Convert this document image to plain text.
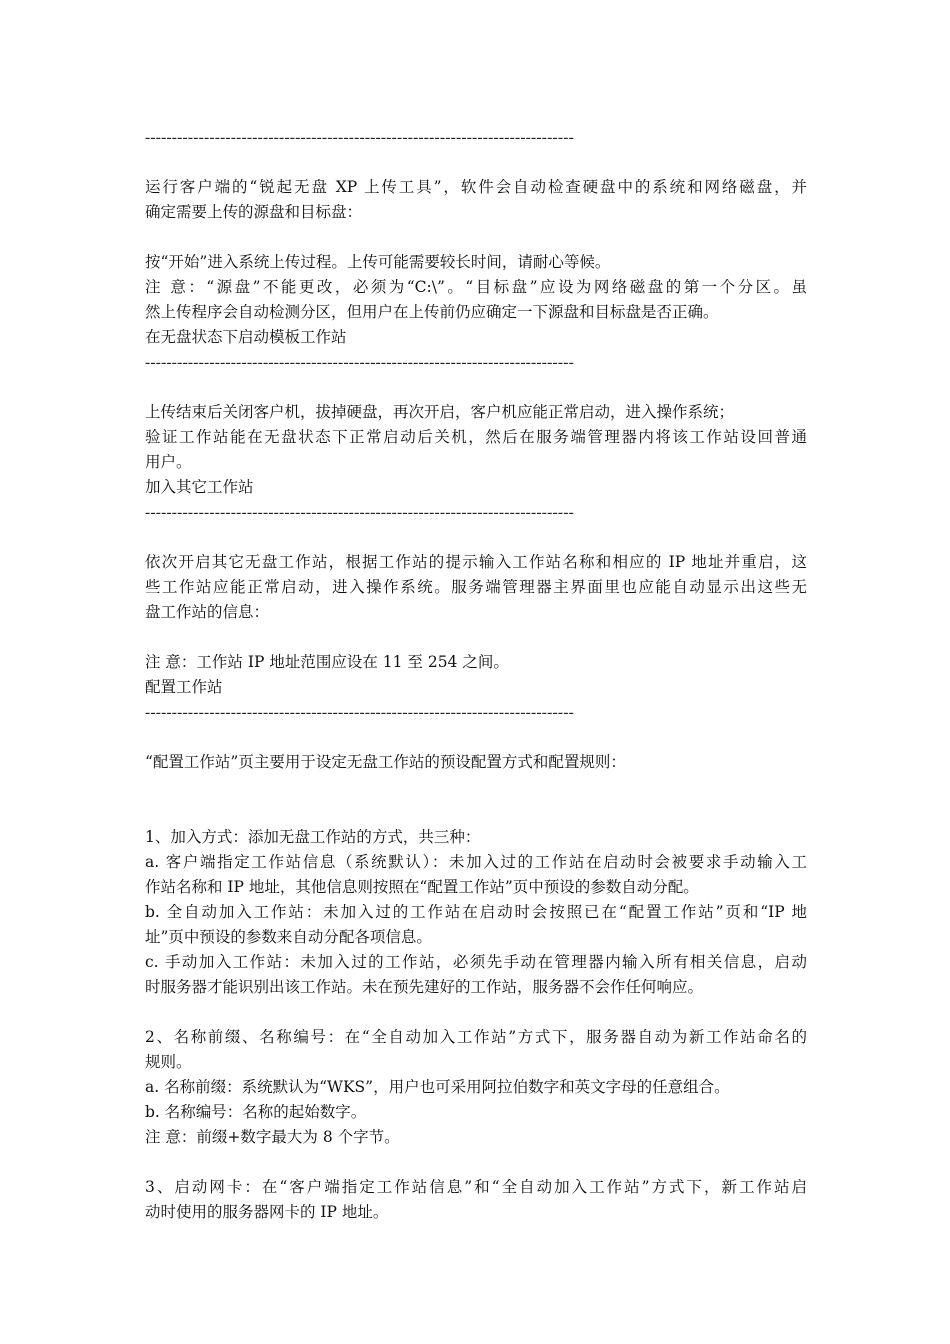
--------------------------------------------------------------------------------
运行客户端的“锐起无盘 XP 上传工具”，软件会自动检查硬盘中的系统和网络磁盘，并
确定需要上传的源盘和目标盘：
按“开始”进入系统上传过程。上传可能需要较长时间，请耐心等候。
注 意：“源盘”不能更改，必须为“C:\”。“目标盘”应设为网络磁盘的第一个分区。虽
然上传程序会自动检测分区，但用户在上传前仍应确定一下源盘和目标盘是否正确。
在无盘状态下启动模板工作站
--------------------------------------------------------------------------------
上传结束后关闭客户机，拔掉硬盘，再次开启，客户机应能正常启动，进入操作系统；
验证工作站能在无盘状态下正常启动后关机，然后在服务端管理器内将该工作站设回普通
用户。
加入其它工作站
--------------------------------------------------------------------------------
依次开启其它无盘工作站，根据工作站的提示输入工作站名称和相应的 IP 地址并重启，这
些工作站应能正常启动，进入操作系统。服务端管理器主界面里也应能自动显示出这些无
盘工作站的信息：
注 意：工作站 IP 地址范围应设在 11 至 254 之间。
配置工作站
--------------------------------------------------------------------------------
“配置工作站”页主要用于设定无盘工作站的预设配置方式和配置规则：
1、加入方式：添加无盘工作站的方式，共三种：
a. 客户端指定工作站信息（系统默认）：未加入过的工作站在启动时会被要求手动输入工
作站名称和 IP 地址，其他信息则按照在“配置工作站”页中预设的参数自动分配。
b. 全自动加入工作站：未加入过的工作站在启动时会按照已在“配置工作站”页和“IP 地
址”页中预设的参数来自动分配各项信息。
c. 手动加入工作站：未加入过的工作站，必须先手动在管理器内输入所有相关信息，启动
时服务器才能识别出该工作站。未在预先建好的工作站，服务器不会作任何响应。
2、名称前缀、名称编号：在“全自动加入工作站”方式下，服务器自动为新工作站命名的
规则。
a. 名称前缀：系统默认为“WKS”，用户也可采用阿拉伯数字和英文字母的任意组合。
b. 名称编号：名称的起始数字。
注 意：前缀+数字最大为 8 个字节。
3、启动网卡：在“客户端指定工作站信息”和“全自动加入工作站”方式下，新工作站启
动时使用的服务器网卡的 IP 地址。
